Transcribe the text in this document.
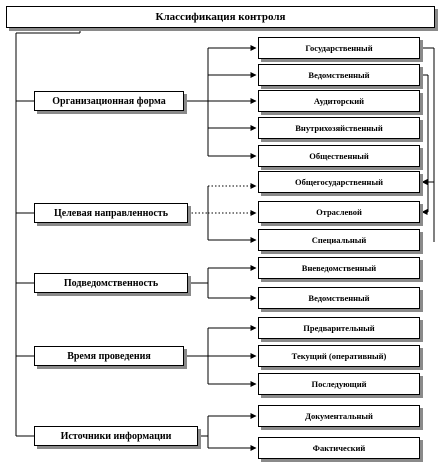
Классификация контроля
Организационная форма
Целевая направленность
Подведомственность
Время проведения
Источники информации
Государственный
Ведомственный
Аудиторский
Внутрихозяйственный
Общественный
Общегосударственный
Отраслевой
Специальный
Вневедомственный
Ведомственный
Предварительный
Текущий (оперативный)
Последующий
Документальный
Фактический
